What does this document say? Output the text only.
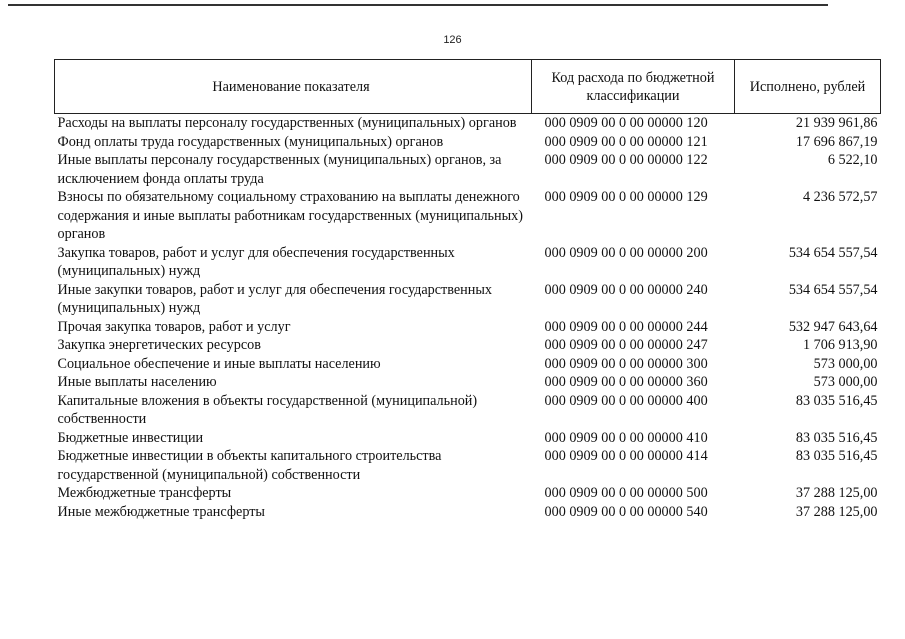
126
Наименование показателя	Код расхода по бюджетной классификации	Исполнено, рублей
Расходы на выплаты персоналу государственных (муниципальных) органов	000 0909 00 0 00 00000 120	21 939 961,86
Фонд оплаты труда государственных (муниципальных) органов	000 0909 00 0 00 00000 121	17 696 867,19
Иные выплаты персоналу государственных (муниципальных) органов, за исключением фонда оплаты труда	000 0909 00 0 00 00000 122	6 522,10
Взносы по обязательному социальному страхованию на выплаты денежного содержания и иные выплаты работникам государственных (муниципальных) органов	000 0909 00 0 00 00000 129	4 236 572,57
Закупка товаров, работ и услуг для обеспечения государственных (муниципальных) нужд	000 0909 00 0 00 00000 200	534 654 557,54
Иные закупки товаров, работ и услуг для обеспечения государственных (муниципальных) нужд	000 0909 00 0 00 00000 240	534 654 557,54
Прочая закупка товаров, работ и услуг	000 0909 00 0 00 00000 244	532 947 643,64
Закупка энергетических ресурсов	000 0909 00 0 00 00000 247	1 706 913,90
Социальное обеспечение и иные выплаты населению	000 0909 00 0 00 00000 300	573 000,00
Иные выплаты населению	000 0909 00 0 00 00000 360	573 000,00
Капитальные вложения в объекты государственной (муниципальной) собственности	000 0909 00 0 00 00000 400	83 035 516,45
Бюджетные инвестиции	000 0909 00 0 00 00000 410	83 035 516,45
Бюджетные инвестиции в объекты капитального строительства государственной (муниципальной) собственности	000 0909 00 0 00 00000 414	83 035 516,45
Межбюджетные трансферты	000 0909 00 0 00 00000 500	37 288 125,00
Иные межбюджетные трансферты	000 0909 00 0 00 00000 540	37 288 125,00
